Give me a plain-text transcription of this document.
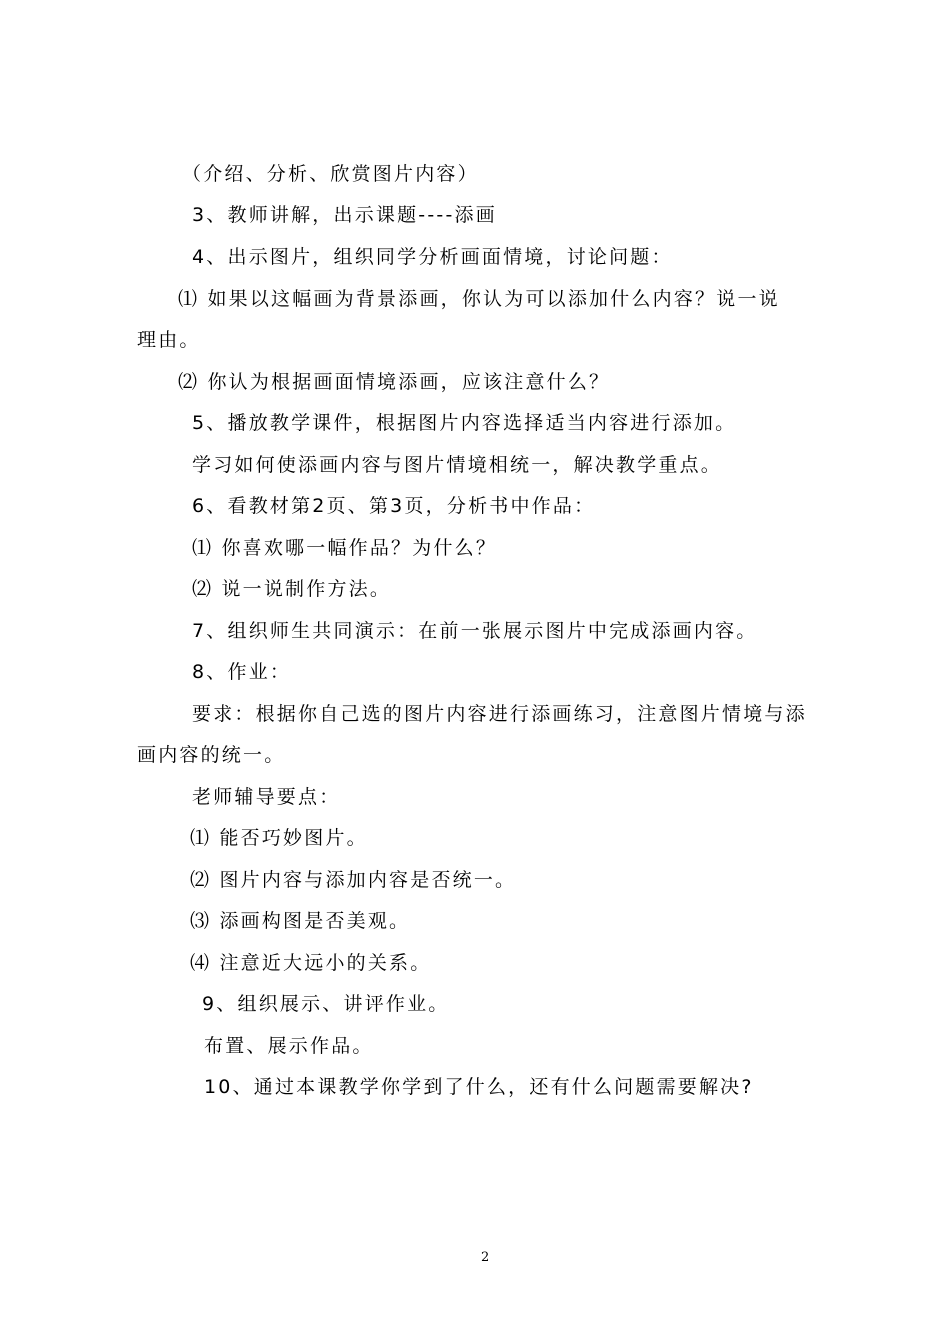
（介绍、分析、欣赏图片内容）
3、教师讲解，出示课题----添画
4、出示图片，组织同学分析画面情境，讨论问题：
⑴ 如果以这幅画为背景添画，你认为可以添加什么内容？说一说
理由。
⑵ 你认为根据画面情境添画，应该注意什么？
5、播放教学课件，根据图片内容选择适当内容进行添加。
学习如何使添画内容与图片情境相统一，解决教学重点。
6、看教材第2页、第3页，分析书中作品：
⑴ 你喜欢哪一幅作品？为什么？
⑵ 说一说制作方法。
7、组织师生共同演示：在前一张展示图片中完成添画内容。
8、作业：
要求：根据你自己选的图片内容进行添画练习，注意图片情境与添
画内容的统一。
老师辅导要点：
⑴ 能否巧妙图片。
⑵ 图片内容与添加内容是否统一。
⑶ 添画构图是否美观。
⑷ 注意近大远小的关系。
9、组织展示、讲评作业。
布置、展示作品。
10、通过本课教学你学到了什么，还有什么问题需要解决?
2
